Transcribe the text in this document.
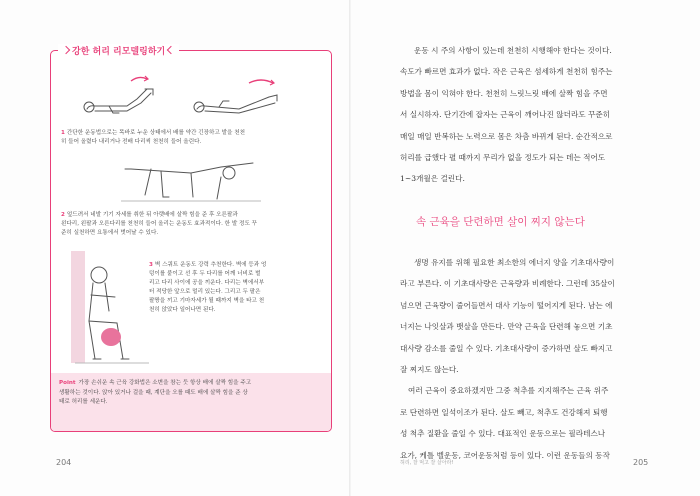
1 간단한 운동법으로는 똑바로 누운 상태에서 배를 약간 긴장하고 발을 천천
히 들어 올렸다 내리거나 전배 다리씩 천천히 들어 올린다.
2 엎드려서 네발 기기 자세를 취한 뒤 아랫배에 살짝 힘을 준 후 오른팔과
왼다리, 왼팔과 오른다리를 천천히 들어 올리는 운동도 효과적이다. 한 발 정도 꾸
준히 실천하면 요통에서 벗어날 수 있다.
3 벽 스쿼트 운동도 강력 추천한다. 벽에 등과 엉
덩이를 붙이고 선 후 두 다리를 어깨 너비로 벌
리고 다리 사이에 공을 끼운다. 다리는 벽에서부
터 적당한 앞으로 멀리 있는다. 그리고 두 팔은
팔짱을 끼고 기마자세가 될 때까지 벽을 타고 천
천히 앉았다 일어나면 된다.
Point 가장 손쉬운 속 근육 강화법은 소변을 참는 듯 항상 배에 살짝 힘을 주고
생활하는 것이다. 앉아 있거나 걸을 때, 계단을 오를 때도 배에 살짝 힘을 준 상
태로 허리를 세운다.
강한 허리 리모델링하기
204
운동 시 주의 사항이 있는데 천천히 시행해야 한다는 것이다.
속도가 빠르면 효과가 없다. 작은 근육은 섬세하게 천천히 힘주는
방법을 몸이 익혀야 한다. 천천히 느릿느릿 배에 살짝 힘을 주면
서 실시하자. 단기간에 잡자는 근육이 깨어나진 않더라도 꾸준히
매일 매일 반복하는 노력으로 몸은 차츰 바뀌게 된다. 순간적으로
허리를 급했다 펼 때까지 무리가 없을 정도가 되는 데는 적어도
1~3개월은 걸린다.
속 근육을 단련하면 살이 찌지 않는다
생명 유지를 위해 필요한 최소한의 에너지 양을 기초대사량이
라고 부른다. 이 기초대사량은 근육량과 비례한다. 그런데 35살이
넘으면 근육량이 줄어들면서 대사 기능이 떨어지게 된다. 남는 에
너지는 나잇살과 뱃살을 만든다. 만약 근육을 단련해 놓으면 기초
대사량 감소를 줄일 수 있다. 기초대사량이 증가하면 살도 빠지고
잘 찌지도 않는다.
여러 근육이 중요하겠지만 그중 척추를 지지해주는 근육 위주
로 단련하면 일석이조가 된다. 살도 빼고, 척추도 건강해져 퇴행
성 척추 질환을 줄일 수 있다. 대표적인 운동으로는 필라테스나
요가, 케틀 벨운동, 코어운동처럼 등이 있다. 이런 운동들의 동작
허리, 잘 먹고 잘 살아라!	205
